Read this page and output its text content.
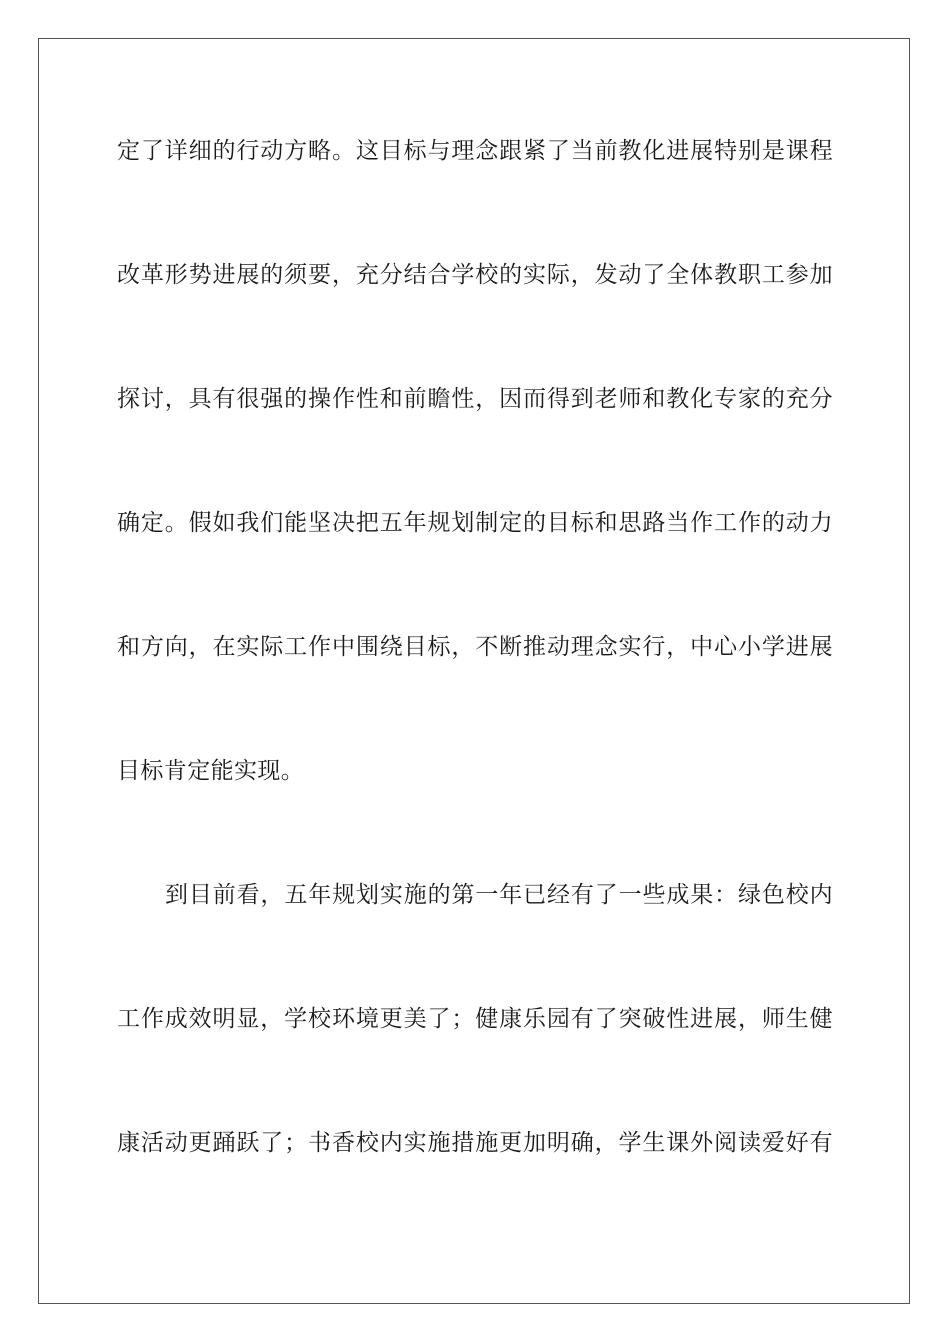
定了详细的行动方略。这目标与理念跟紧了当前教化进展特别是课程
改革形势进展的须要，充分结合学校的实际，发动了全体教职工参加
探讨，具有很强的操作性和前瞻性，因而得到老师和教化专家的充分
确定。假如我们能坚决把五年规划制定的目标和思路当作工作的动力
和方向，在实际工作中围绕目标，不断推动理念实行，中心小学进展
目标肯定能实现。
到目前看，五年规划实施的第一年已经有了一些成果：绿色校内
工作成效明显，学校环境更美了；健康乐园有了突破性进展，师生健
康活动更踊跃了；书香校内实施措施更加明确，学生课外阅读爱好有
